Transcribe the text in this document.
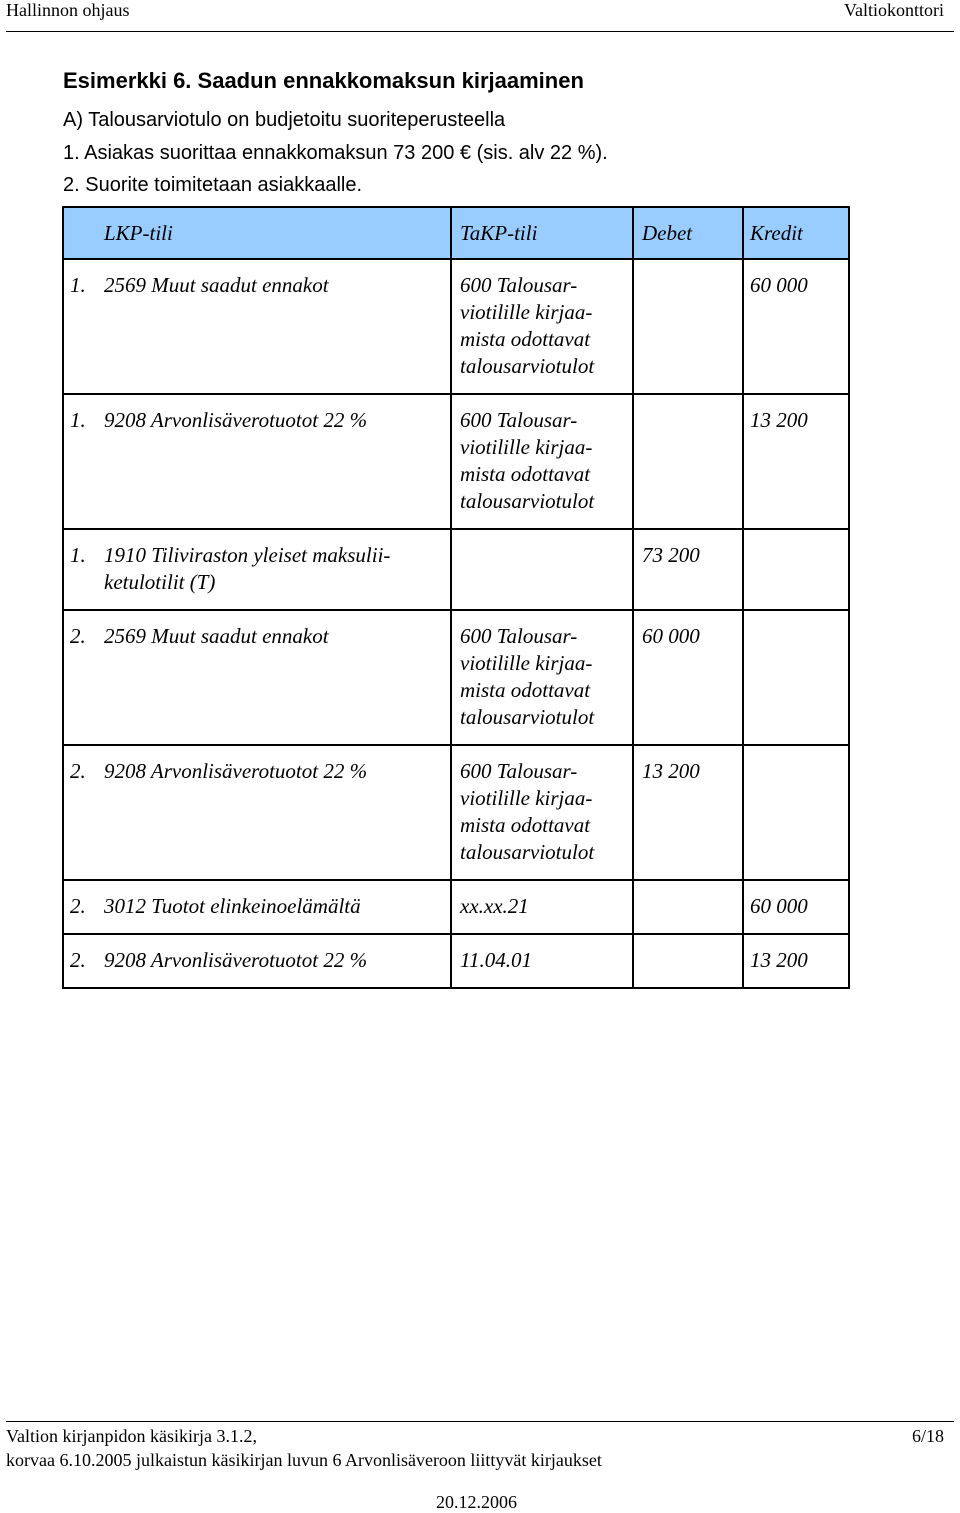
Hallinnon ohjaus	Valtiokonttori
Esimerkki 6. Saadun ennakkomaksun kirjaaminen
A) Talousarviotulo on budjetoitu suoriteperusteella
1. Asiakas suorittaa ennakkomaksun 73 200 € (sis. alv 22 %).
2. Suorite toimitetaan asiakkaalle.
	LKP-tili	TaKP-tili	Debet	Kredit
1.	2569 Muut saadut ennakot	600 Talousar-
viotilille kirjaa-
mista odottavat
talousarviotulot		60 000
1.	9208 Arvonlisäverotuotot 22 %	600 Talousar-
viotilille kirjaa-
mista odottavat
talousarviotulot		13 200
1.	1910 Tiliviraston yleiset maksulii-
ketulotilit (T)		73 200	
2.	2569 Muut saadut ennakot	600 Talousar-
viotilille kirjaa-
mista odottavat
talousarviotulot	60 000	
2.	9208 Arvonlisäverotuotot 22 %	600 Talousar-
viotilille kirjaa-
mista odottavat
talousarviotulot	13 200	
2.	3012 Tuotot elinkeinoelämältä	xx.xx.21		60 000
2.	9208 Arvonlisäverotuotot 22 %	11.04.01		13 200
Valtion kirjanpidon käsikirja 3.1.2,	6/18
korvaa 6.10.2005 julkaistun käsikirjan luvun 6 Arvonlisäveroon liittyvät kirjaukset
20.12.2006
